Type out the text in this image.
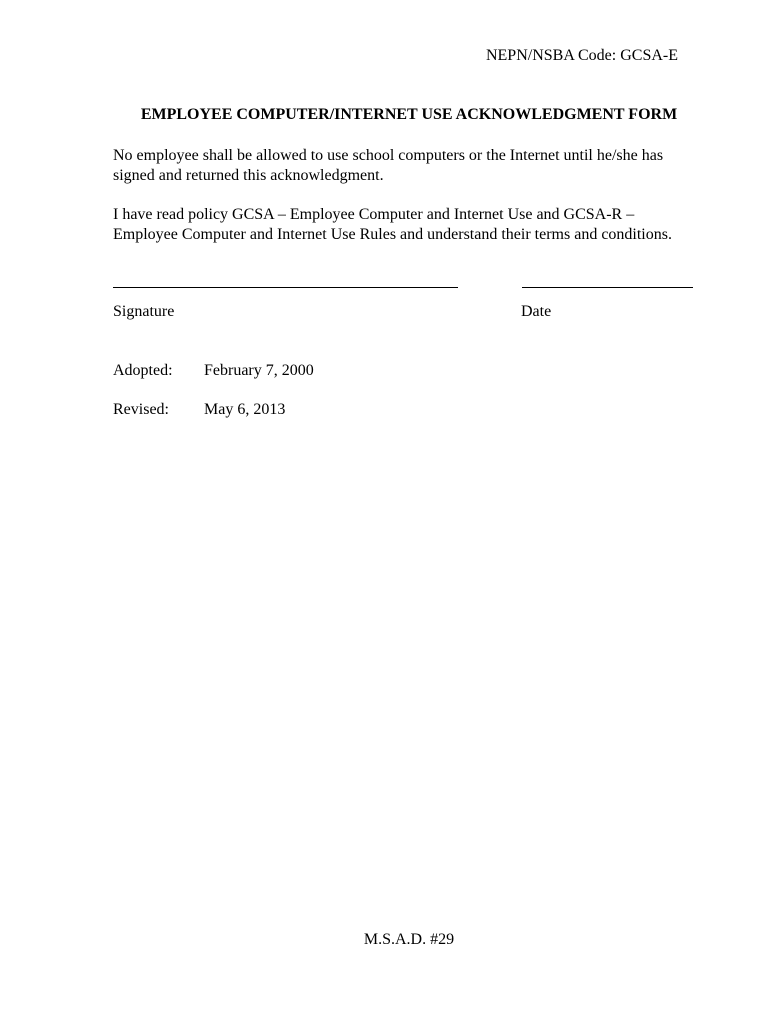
NEPN/NSBA Code: GCSA-E
EMPLOYEE COMPUTER/INTERNET USE ACKNOWLEDGMENT FORM
No employee shall be allowed to use school computers or the Internet until he/she has signed and returned this acknowledgment.
I have read policy GCSA – Employee Computer and Internet Use and GCSA-R – Employee Computer and Internet Use Rules and understand their terms and conditions.
Signature	Date
Adopted: February 7, 2000
Revised: May 6, 2013
M.S.A.D. #29
